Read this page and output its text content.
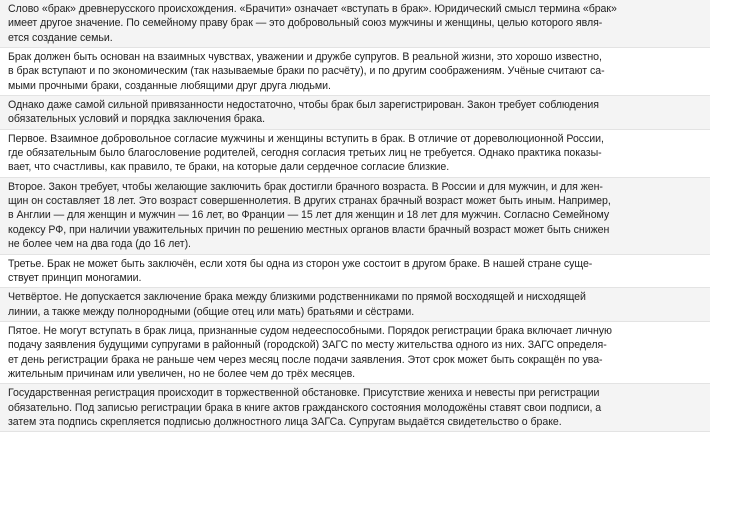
Слово «брак» древнерусского происхождения. «Брачити» означает «вступать в брак». Юридический смысл термина «брак»
имеет другое значение. По семейному праву брак — это добровольный союз мужчины и женщины, целью которого явля-
ется создание семьи.
Брак должен быть основан на взаимных чувствах, уважении и дружбе супругов. В реальной жизни, это хорошо известно,
в брак вступают и по экономическим (так называемые браки по расчёту), и по другим соображениям. Учёные считают са-
мыми прочными браки, созданные любящими друг друга людьми.
Однако даже самой сильной привязанности недостаточно, чтобы брак был зарегистрирован. Закон требует соблюдения
обязательных условий и порядка заключения брака.
Первое. Взаимное добровольное согласие мужчины и женщины вступить в брак. В отличие от дореволюционной России,
где обязательным было благословение родителей, сегодня согласия третьих лиц не требуется. Однако практика показы-
вает, что счастливы, как правило, те браки, на которые дали сердечное согласие близкие.
Второе. Закон требует, чтобы желающие заключить брак достигли брачного возраста. В России и для мужчин, и для жен-
щин он составляет 18 лет. Это возраст совершеннолетия. В других странах брачный возраст может быть иным. Например,
в Англии — для женщин и мужчин — 16 лет, во Франции — 15 лет для женщин и 18 лет для мужчин. Согласно Семейному
кодексу РФ, при наличии уважительных причин по решению местных органов власти брачный возраст может быть снижен
не более чем на два года (до 16 лет).
Третье. Брак не может быть заключён, если хотя бы одна из сторон уже состоит в другом браке. В нашей стране суще-
ствует принцип моногамии.
Четвёртое. Не допускается заключение брака между близкими родственниками по прямой восходящей и нисходящей
линии, а также между полнородными (общие отец или мать) братьями и сёстрами.
Пятое. Не могут вступать в брак лица, признанные судом недееспособными. Порядок регистрации брака включает личную
подачу заявления будущими супругами в районный (городской) ЗАГС по месту жительства одного из них. ЗАГС определя-
ет день регистрации брака не раньше чем через месяц после подачи заявления. Этот срок может быть сокращён по ува-
жительным причинам или увеличен, но не более чем до трёх месяцев.
Государственная регистрация происходит в торжественной обстановке. Присутствие жениха и невесты при регистрации
обязательно. Под записью регистрации брака в книге актов гражданского состояния молодожёны ставят свои подписи, а
затем эта подпись скрепляется подписью должностного лица ЗАГСа. Супругам выдаётся свидетельство о браке.
